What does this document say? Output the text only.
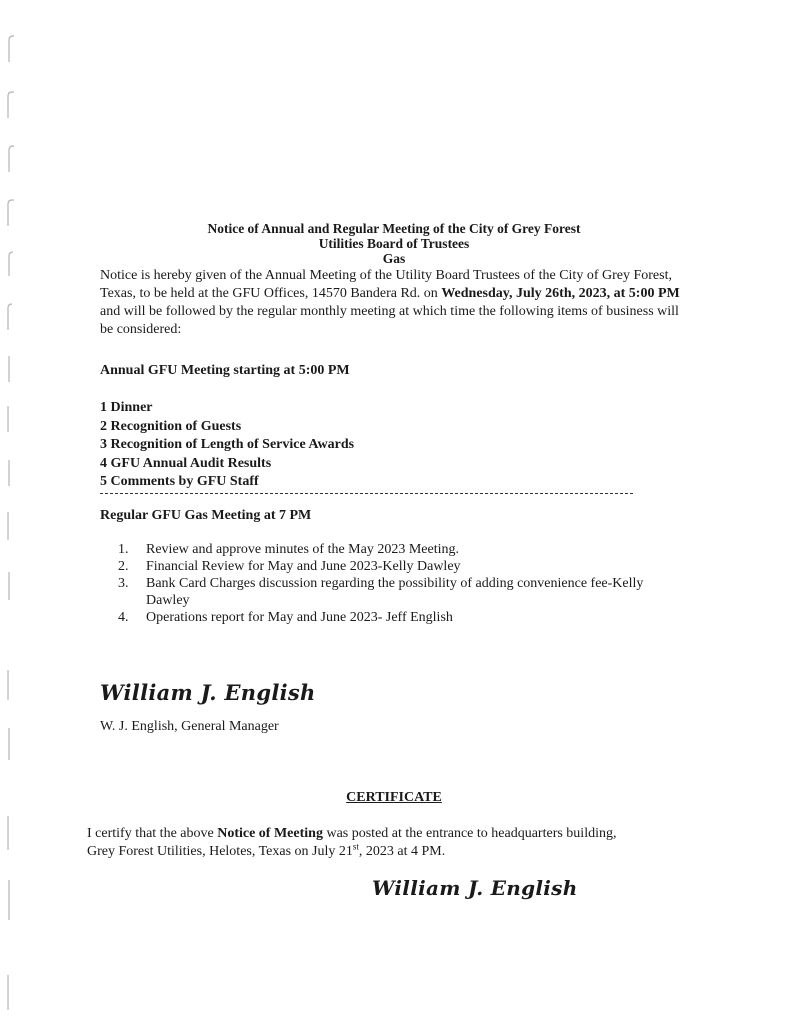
Notice of Annual and Regular Meeting of the City of Grey Forest
Utilities Board of Trustees
Gas
Notice is hereby given of the Annual Meeting of the Utility Board Trustees of the City of Grey Forest, Texas, to be held at the GFU Offices, 14570 Bandera Rd. on Wednesday, July 26th, 2023, at 5:00 PM and will be followed by the regular monthly meeting at which time the following items of business will be considered:
Annual GFU Meeting starting at 5:00 PM
1 Dinner
2 Recognition of Guests
3 Recognition of Length of Service Awards
4 GFU Annual Audit Results
5 Comments by GFU Staff
Regular GFU Gas Meeting at 7 PM
1.	Review and approve minutes of the May 2023 Meeting.
2.	Financial Review for May and June 2023-Kelly Dawley
3.	Bank Card Charges discussion regarding the possibility of adding convenience fee-Kelly Dawley
4.	Operations report for May and June 2023- Jeff English
William J. English
W. J. English, General Manager
CERTIFICATE
I certify that the above Notice of Meeting was posted at the entrance to headquarters building, Grey Forest Utilities, Helotes, Texas on July 21st, 2023 at 4 PM.
William J. English
